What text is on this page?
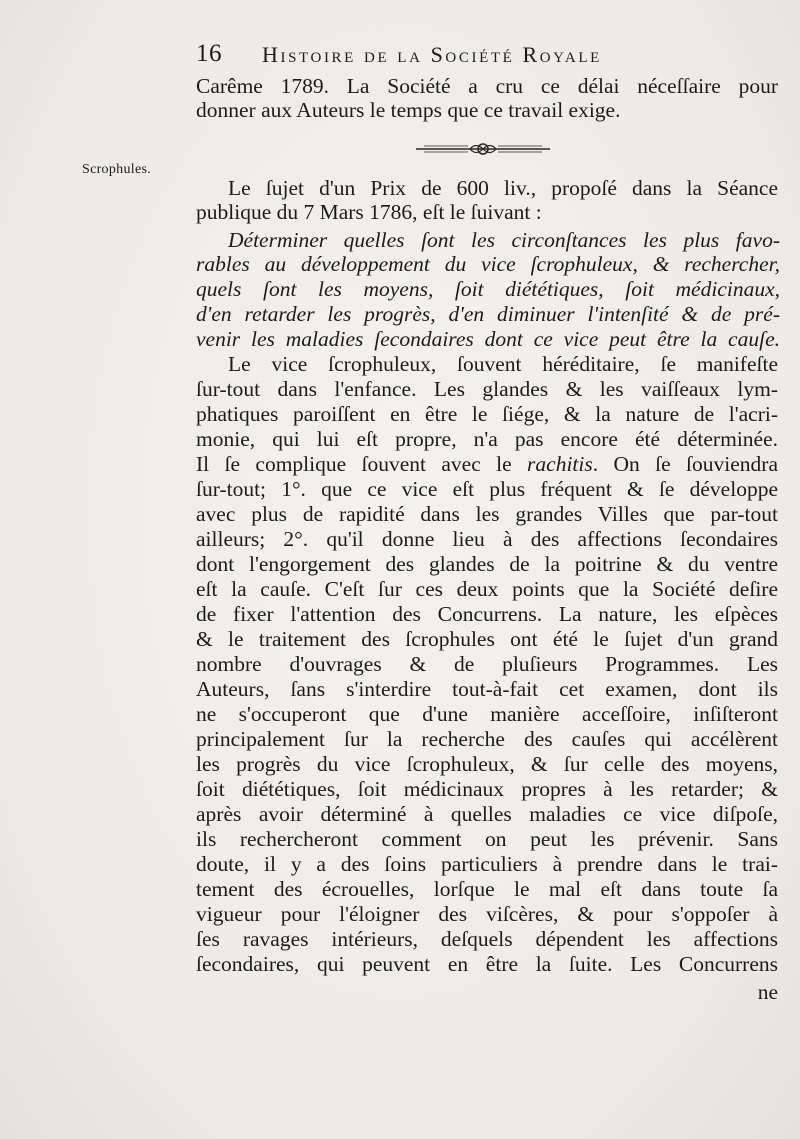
16 Histoire de la Société Royale
Carême 1789. La Société a cru ce délai néceſſaire pour
donner aux Auteurs le temps que ce travail exige.
Scrophules.
Le ſujet d'un Prix de 600 liv., propoſé dans la Séance
publique du 7 Mars 1786, eſt le ſuivant :
Déterminer quelles ſont les circonſtances les plus favo-
rables au développement du vice ſcrophuleux, & rechercher,
quels ſont les moyens, ſoit diététiques, ſoit médicinaux,
d'en retarder les progrès, d'en diminuer l'intenſité & de pré-
venir les maladies ſecondaires dont ce vice peut être la cauſe.
Le vice ſcrophuleux, ſouvent héréditaire, ſe manifeſte
ſur-tout dans l'enfance. Les glandes & les vaiſſeaux lym-
phatiques paroiſſent en être le ſiége, & la nature de l'acri-
monie, qui lui eſt propre, n'a pas encore été déterminée.
Il ſe complique ſouvent avec le rachitis. On ſe ſouviendra
ſur-tout; 1°. que ce vice eſt plus fréquent & ſe développe
avec plus de rapidité dans les grandes Villes que par-tout
ailleurs; 2°. qu'il donne lieu à des affections ſecondaires
dont l'engorgement des glandes de la poitrine & du ventre
eſt la cauſe. C'eſt ſur ces deux points que la Société deſire
de fixer l'attention des Concurrens. La nature, les eſpèces
& le traitement des ſcrophules ont été le ſujet d'un grand
nombre d'ouvrages & de pluſieurs Programmes. Les
Auteurs, ſans s'interdire tout-à-fait cet examen, dont ils
ne s'occuperont que d'une manière acceſſoire, inſiſteront
principalement ſur la recherche des cauſes qui accélèrent
les progrès du vice ſcrophuleux, & ſur celle des moyens,
ſoit diététiques, ſoit médicinaux propres à les retarder; &
après avoir déterminé à quelles maladies ce vice diſpoſe,
ils rechercheront comment on peut les prévenir. Sans
doute, il y a des ſoins particuliers à prendre dans le trai-
tement des écrouelles, lorſque le mal eſt dans toute ſa
vigueur pour l'éloigner des viſcères, & pour s'oppoſer à
ſes ravages intérieurs, deſquels dépendent les affections
ſecondaires, qui peuvent en être la ſuite. Les Concurrens
ne
